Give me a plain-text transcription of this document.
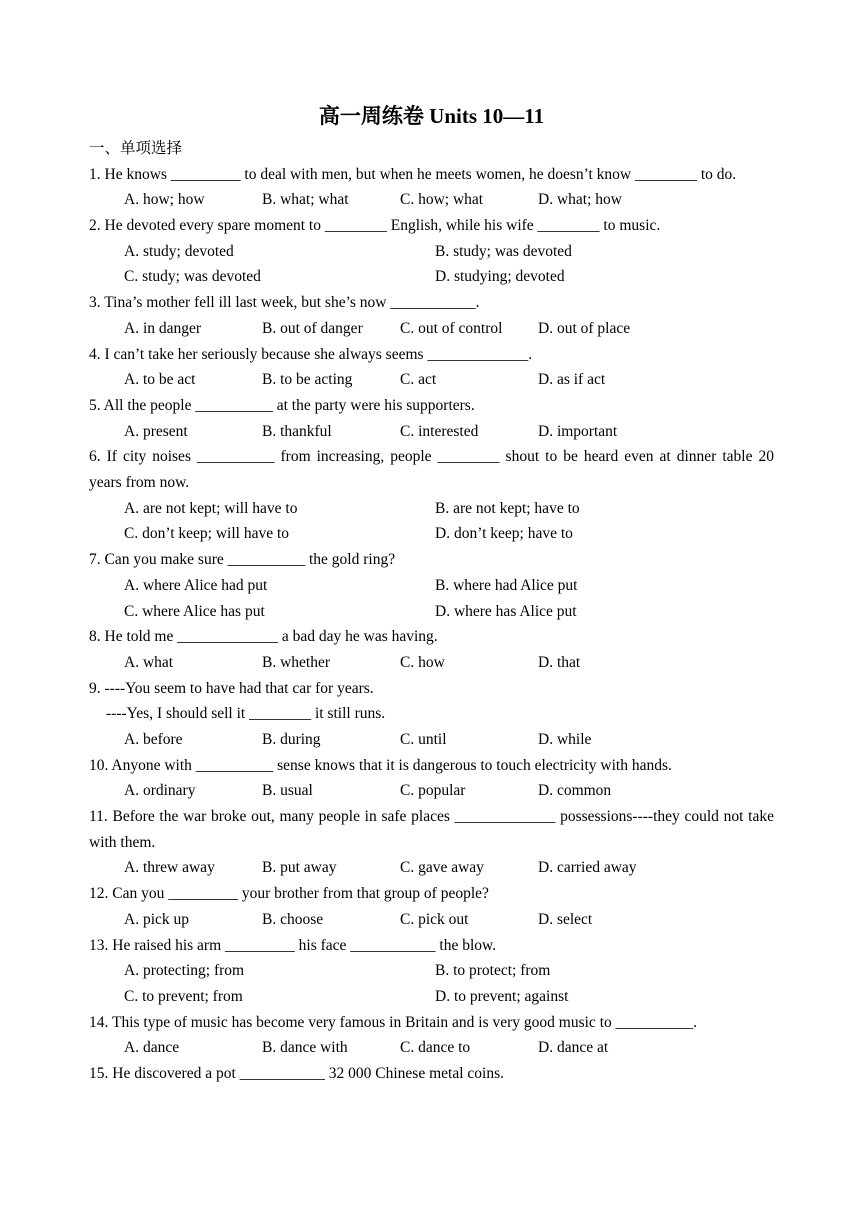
高一周练卷 Units 10—11
一、单项选择
1. He knows _________ to deal with men, but when he meets women, he doesn’t know ________ to do.
A. how; how	B. what; what	C. how; what	D. what; how
2. He devoted every spare moment to ________ English, while his wife ________ to music.
A. study; devoted	B. study; was devoted
C. study; was devoted	D. studying; devoted
3. Tina’s mother fell ill last week, but she’s now ___________.
A. in danger	B. out of danger	C. out of control	D. out of place
4. I can’t take her seriously because she always seems _____________.
A. to be act	B. to be acting	C. act	D. as if act
5. All the people __________ at the party were his supporters.
A. present	B. thankful	C. interested	D. important
6. If city noises __________ from increasing, people ________ shout to be heard even at dinner table 20 years from now.
A. are not kept; will have to	B. are not kept; have to
C. don’t keep; will have to	D. don’t keep; have to
7. Can you make sure __________ the gold ring?
A. where Alice had put	B. where had Alice put
C. where Alice has put	D. where has Alice put
8. He told me _____________ a bad day he was having.
A. what	B. whether	C. how	D. that
9. ----You seem to have had that car for years.
----Yes, I should sell it ________ it still runs.
A. before	B. during	C. until	D. while
10. Anyone with __________ sense knows that it is dangerous to touch electricity with hands.
A. ordinary	B. usual	C. popular	D. common
11. Before the war broke out, many people in safe places _____________ possessions----they could not take with them.
A. threw away	B. put away	C. gave away	D. carried away
12. Can you _________ your brother from that group of people?
A. pick up	B. choose	C. pick out	D. select
13. He raised his arm _________ his face ___________ the blow.
A. protecting; from	B. to protect; from
C. to prevent; from	D. to prevent; against
14. This type of music has become very famous in Britain and is very good music to __________.
A. dance	B. dance with	C. dance to	D. dance at
15. He discovered a pot ___________ 32 000 Chinese metal coins.
